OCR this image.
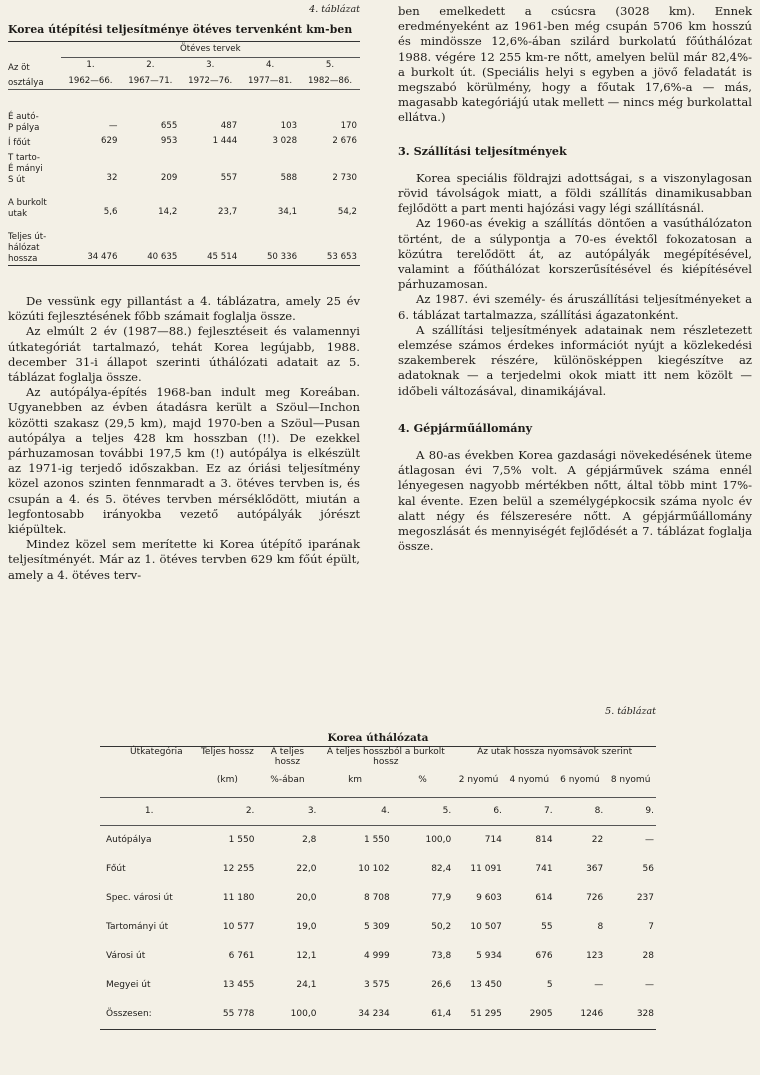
4. táblázat
Korea útépítési teljesítménye ötéves tervenként km-ben
	Ötéves tervek				
Az öt	1.	2.	3.	4.	5.
osztálya	1962—66.	1967—71.	1972—76.	1977—81.	1982—86.

É autó-
P pálya	—	655	487	103	170

Í főút	629	953	1 444	3 028	2 676

T tarto-
É mányi
S út	32	209	557	588	2 730

A burkolt
utak	5,6	14,2	23,7	34,1	54,2

Teljes út-
hálózat
hossza	34 476	40 635	45 514	50 336	53 653

De vessünk egy pillantást a 4. táblázatra, amely 25 év közúti fejlesztésének főbb számait foglalja össze.

Az elmúlt 2 év (1987—88.) fejlesztéseit és valamennyi útkategóriát tartalmazó, tehát Korea legújabb, 1988. december 31-i állapot szerinti úthálózati adatait az 5. táblázat foglalja össze.

Az autópálya-építés 1968-ban indult meg Koreában. Ugyanebben az évben átadásra került a Szöul—Inchon közötti szakasz (29,5 km), majd 1970-ben a Szöul—Pusan autópálya a teljes 428 km hosszban (!!). De ezekkel párhuzamosan további 197,5 km (!) autópálya is elkészült az 1971-ig terjedő időszakban. Ez az óriási teljesítmény közel azonos szinten fennmaradt a 3. ötéves tervben is, és csupán a 4. és 5. ötéves tervben mérséklődött, miután a legfontosabb irányokba vezető autópályák jórészt kiépültek.

Mindez közel sem merítette ki Korea útépítő iparának teljesítményét. Már az 1. ötéves tervben 629 km főút épült, amely a 4. ötéves terv-

ben emelkedett a csúcsra (3028 km). Ennek eredményeként az 1961-ben még csupán 5706 km hosszú és mindössze 12,6%-ában szilárd burkolatú főúthálózat 1988. végére 12 255 km-re nőtt, amelyen belül már 82,4%-a burkolt út. (Speciális helyi s egyben a jövő feladatát is megszabó körülmény, hogy a főutak 17,6%-a — más, magasabb kategóriájú utak mellett — nincs még burkolattal ellátva.)

3. Szállítási teljesítmények

Korea speciális földrajzi adottságai, s a viszonylagosan rövid távolságok miatt, a földi szállítás dinamikusabban fejlődött a part menti hajózási vagy légi szállításnál.

Az 1960-as évekig a szállítás döntően a vasúthálózaton történt, de a súlypontja a 70-es évektől fokozatosan a közútra terelődött át, az autópályák megépítésével, valamint a főúthálózat korszerűsítésével és kiépítésével párhuzamosan.

Az 1987. évi személy- és áruszállítási teljesítményeket a 6. táblázat tartalmazza, szállítási ágazatonként.

A szállítási teljesítmények adatainak nem részletezett elemzése számos érdekes információt nyújt a közlekedési szakemberek részére, különösképpen kiegészítve az adatoknak — a terjedelmi okok miatt itt nem közölt — időbeli változásával, dinamikájával.

4. Gépjárműállomány

A 80-as években Korea gazdasági növekedésének üteme átlagosan évi 7,5% volt. A gépjárművek száma ennél lényegesen nagyobb mértékben nőtt, által több mint 17%-kal évente. Ezen belül a személygépkocsik száma nyolc év alatt négy és félszeresére nőtt. A gépjárműállomány megoszlását és mennyiségét fejlődését a 7. táblázat foglalja össze.

5. táblázat
Korea úthálózata
Útkategória	Teljes hossz	A teljes hossz	A teljes hosszból a burkolt hossz		Az utak hossza nyomsávok szerint			
	(km)	%-ában	km	%	2 nyomú	4 nyomú	6 nyomú	8 nyomú
1.	2.	3.	4.	5.	6.	7.	8.	9.
Autópálya	1 550	2,8	1 550	100,0	714	814	22	—
Főút	12 255	22,0	10 102	82,4	11 091	741	367	56
Spec. városi út	11 180	20,0	8 708	77,9	9 603	614	726	237
Tartományi út	10 577	19,0	5 309	50,2	10 507	55	8	7
Városi út	6 761	12,1	4 999	73,8	5 934	676	123	28
Megyei út	13 455	24,1	3 575	26,6	13 450	5	—	—
Összesen:	55 778	100,0	34 234	61,4	51 295	2905	1246	328
